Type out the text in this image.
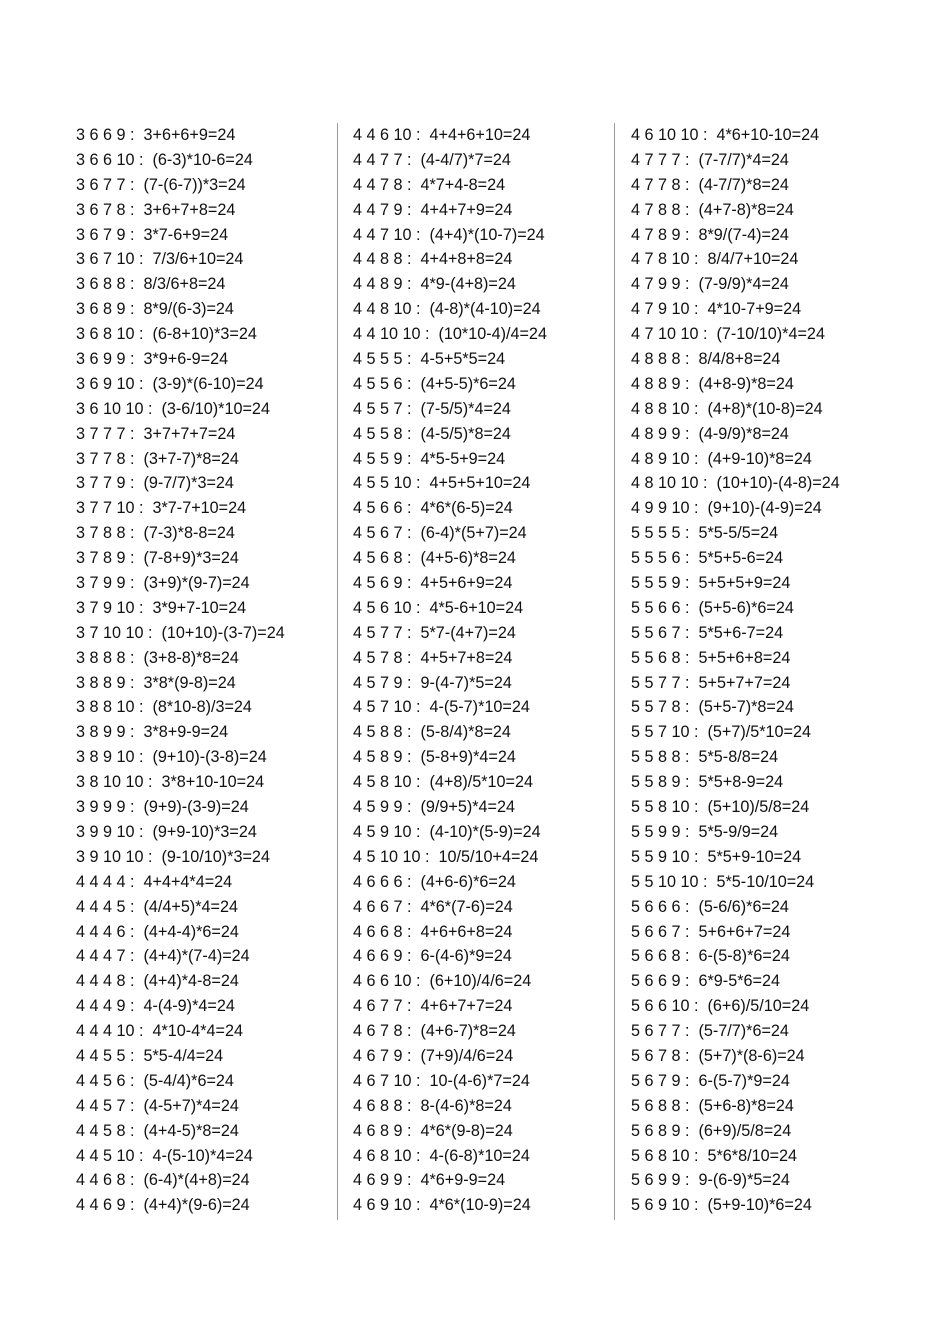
3 6 6 9 :  3+6+6+9=24
3 6 6 10 :  (6-3)*10-6=24
3 6 7 7 :  (7-(6-7))*3=24
3 6 7 8 :  3+6+7+8=24
3 6 7 9 :  3*7-6+9=24
3 6 7 10 :  7/3/6+10=24
3 6 8 8 :  8/3/6+8=24
3 6 8 9 :  8*9/(6-3)=24
3 6 8 10 :  (6-8+10)*3=24
3 6 9 9 :  3*9+6-9=24
3 6 9 10 :  (3-9)*(6-10)=24
3 6 10 10 :  (3-6/10)*10=24
3 7 7 7 :  3+7+7+7=24
3 7 7 8 :  (3+7-7)*8=24
3 7 7 9 :  (9-7/7)*3=24
3 7 7 10 :  3*7-7+10=24
3 7 8 8 :  (7-3)*8-8=24
3 7 8 9 :  (7-8+9)*3=24
3 7 9 9 :  (3+9)*(9-7)=24
3 7 9 10 :  3*9+7-10=24
3 7 10 10 :  (10+10)-(3-7)=24
3 8 8 8 :  (3+8-8)*8=24
3 8 8 9 :  3*8*(9-8)=24
3 8 8 10 :  (8*10-8)/3=24
3 8 9 9 :  3*8+9-9=24
3 8 9 10 :  (9+10)-(3-8)=24
3 8 10 10 :  3*8+10-10=24
3 9 9 9 :  (9+9)-(3-9)=24
3 9 9 10 :  (9+9-10)*3=24
3 9 10 10 :  (9-10/10)*3=24
4 4 4 4 :  4+4+4*4=24
4 4 4 5 :  (4/4+5)*4=24
4 4 4 6 :  (4+4-4)*6=24
4 4 4 7 :  (4+4)*(7-4)=24
4 4 4 8 :  (4+4)*4-8=24
4 4 4 9 :  4-(4-9)*4=24
4 4 4 10 :  4*10-4*4=24
4 4 5 5 :  5*5-4/4=24
4 4 5 6 :  (5-4/4)*6=24
4 4 5 7 :  (4-5+7)*4=24
4 4 5 8 :  (4+4-5)*8=24
4 4 5 10 :  4-(5-10)*4=24
4 4 6 8 :  (6-4)*(4+8)=24
4 4 6 9 :  (4+4)*(9-6)=24
4 4 6 10 :  4+4+6+10=24
4 4 7 7 :  (4-4/7)*7=24
4 4 7 8 :  4*7+4-8=24
4 4 7 9 :  4+4+7+9=24
4 4 7 10 :  (4+4)*(10-7)=24
4 4 8 8 :  4+4+8+8=24
4 4 8 9 :  4*9-(4+8)=24
4 4 8 10 :  (4-8)*(4-10)=24
4 4 10 10 :  (10*10-4)/4=24
4 5 5 5 :  4-5+5*5=24
4 5 5 6 :  (4+5-5)*6=24
4 5 5 7 :  (7-5/5)*4=24
4 5 5 8 :  (4-5/5)*8=24
4 5 5 9 :  4*5-5+9=24
4 5 5 10 :  4+5+5+10=24
4 5 6 6 :  4*6*(6-5)=24
4 5 6 7 :  (6-4)*(5+7)=24
4 5 6 8 :  (4+5-6)*8=24
4 5 6 9 :  4+5+6+9=24
4 5 6 10 :  4*5-6+10=24
4 5 7 7 :  5*7-(4+7)=24
4 5 7 8 :  4+5+7+8=24
4 5 7 9 :  9-(4-7)*5=24
4 5 7 10 :  4-(5-7)*10=24
4 5 8 8 :  (5-8/4)*8=24
4 5 8 9 :  (5-8+9)*4=24
4 5 8 10 :  (4+8)/5*10=24
4 5 9 9 :  (9/9+5)*4=24
4 5 9 10 :  (4-10)*(5-9)=24
4 5 10 10 :  10/5/10+4=24
4 6 6 6 :  (4+6-6)*6=24
4 6 6 7 :  4*6*(7-6)=24
4 6 6 8 :  4+6+6+8=24
4 6 6 9 :  6-(4-6)*9=24
4 6 6 10 :  (6+10)/4/6=24
4 6 7 7 :  4+6+7+7=24
4 6 7 8 :  (4+6-7)*8=24
4 6 7 9 :  (7+9)/4/6=24
4 6 7 10 :  10-(4-6)*7=24
4 6 8 8 :  8-(4-6)*8=24
4 6 8 9 :  4*6*(9-8)=24
4 6 8 10 :  4-(6-8)*10=24
4 6 9 9 :  4*6+9-9=24
4 6 9 10 :  4*6*(10-9)=24
4 6 10 10 :  4*6+10-10=24
4 7 7 7 :  (7-7/7)*4=24
4 7 7 8 :  (4-7/7)*8=24
4 7 8 8 :  (4+7-8)*8=24
4 7 8 9 :  8*9/(7-4)=24
4 7 8 10 :  8/4/7+10=24
4 7 9 9 :  (7-9/9)*4=24
4 7 9 10 :  4*10-7+9=24
4 7 10 10 :  (7-10/10)*4=24
4 8 8 8 :  8/4/8+8=24
4 8 8 9 :  (4+8-9)*8=24
4 8 8 10 :  (4+8)*(10-8)=24
4 8 9 9 :  (4-9/9)*8=24
4 8 9 10 :  (4+9-10)*8=24
4 8 10 10 :  (10+10)-(4-8)=24
4 9 9 10 :  (9+10)-(4-9)=24
5 5 5 5 :  5*5-5/5=24
5 5 5 6 :  5*5+5-6=24
5 5 5 9 :  5+5+5+9=24
5 5 6 6 :  (5+5-6)*6=24
5 5 6 7 :  5*5+6-7=24
5 5 6 8 :  5+5+6+8=24
5 5 7 7 :  5+5+7+7=24
5 5 7 8 :  (5+5-7)*8=24
5 5 7 10 :  (5+7)/5*10=24
5 5 8 8 :  5*5-8/8=24
5 5 8 9 :  5*5+8-9=24
5 5 8 10 :  (5+10)/5/8=24
5 5 9 9 :  5*5-9/9=24
5 5 9 10 :  5*5+9-10=24
5 5 10 10 :  5*5-10/10=24
5 6 6 6 :  (5-6/6)*6=24
5 6 6 7 :  5+6+6+7=24
5 6 6 8 :  6-(5-8)*6=24
5 6 6 9 :  6*9-5*6=24
5 6 6 10 :  (6+6)/5/10=24
5 6 7 7 :  (5-7/7)*6=24
5 6 7 8 :  (5+7)*(8-6)=24
5 6 7 9 :  6-(5-7)*9=24
5 6 8 8 :  (5+6-8)*8=24
5 6 8 9 :  (6+9)/5/8=24
5 6 8 10 :  5*6*8/10=24
5 6 9 9 :  9-(6-9)*5=24
5 6 9 10 :  (5+9-10)*6=24
